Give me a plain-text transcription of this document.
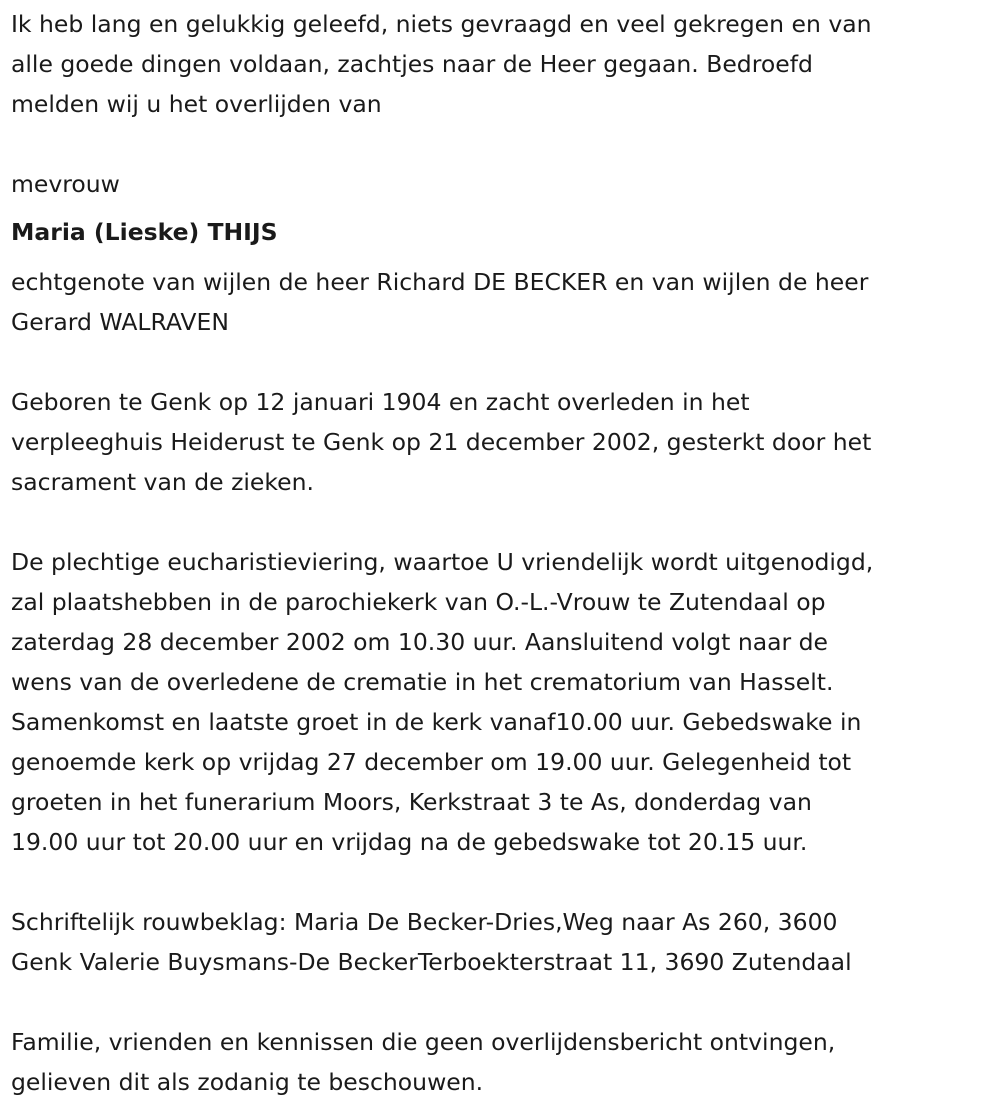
Ik heb lang en gelukkig geleefd, niets gevraagd en veel gekregen en van
alle goede dingen voldaan, zachtjes naar de Heer gegaan. Bedroefd
melden wij u het overlijden van
mevrouw
Maria (Lieske) THIJS
echtgenote van wijlen de heer Richard DE BECKER en van wijlen de heer
Gerard WALRAVEN
Geboren te Genk op 12 januari 1904 en zacht overleden in het
verpleeghuis Heiderust te Genk op 21 december 2002, gesterkt door het
sacrament van de zieken.
De plechtige eucharistieviering, waartoe U vriendelijk wordt uitgenodigd,
zal plaatshebben in de parochiekerk van O.-L.-Vrouw te Zutendaal op
zaterdag 28 december 2002 om 10.30 uur. Aansluitend volgt naar de
wens van de overledene de crematie in het crematorium van Hasselt.
Samenkomst en laatste groet in de kerk vanaf10.00 uur. Gebedswake in
genoemde kerk op vrijdag 27 december om 19.00 uur. Gelegenheid tot
groeten in het funerarium Moors, Kerkstraat 3 te As, donderdag van
19.00 uur tot 20.00 uur en vrijdag na de gebedswake tot 20.15 uur.
Schriftelijk rouwbeklag: Maria De Becker-Dries,Weg naar As 260, 3600
Genk Valerie Buysmans-De BeckerTerboekterstraat 11, 3690 Zutendaal
Familie, vrienden en kennissen die geen overlijdensbericht ontvingen,
gelieven dit als zodanig te beschouwen.
